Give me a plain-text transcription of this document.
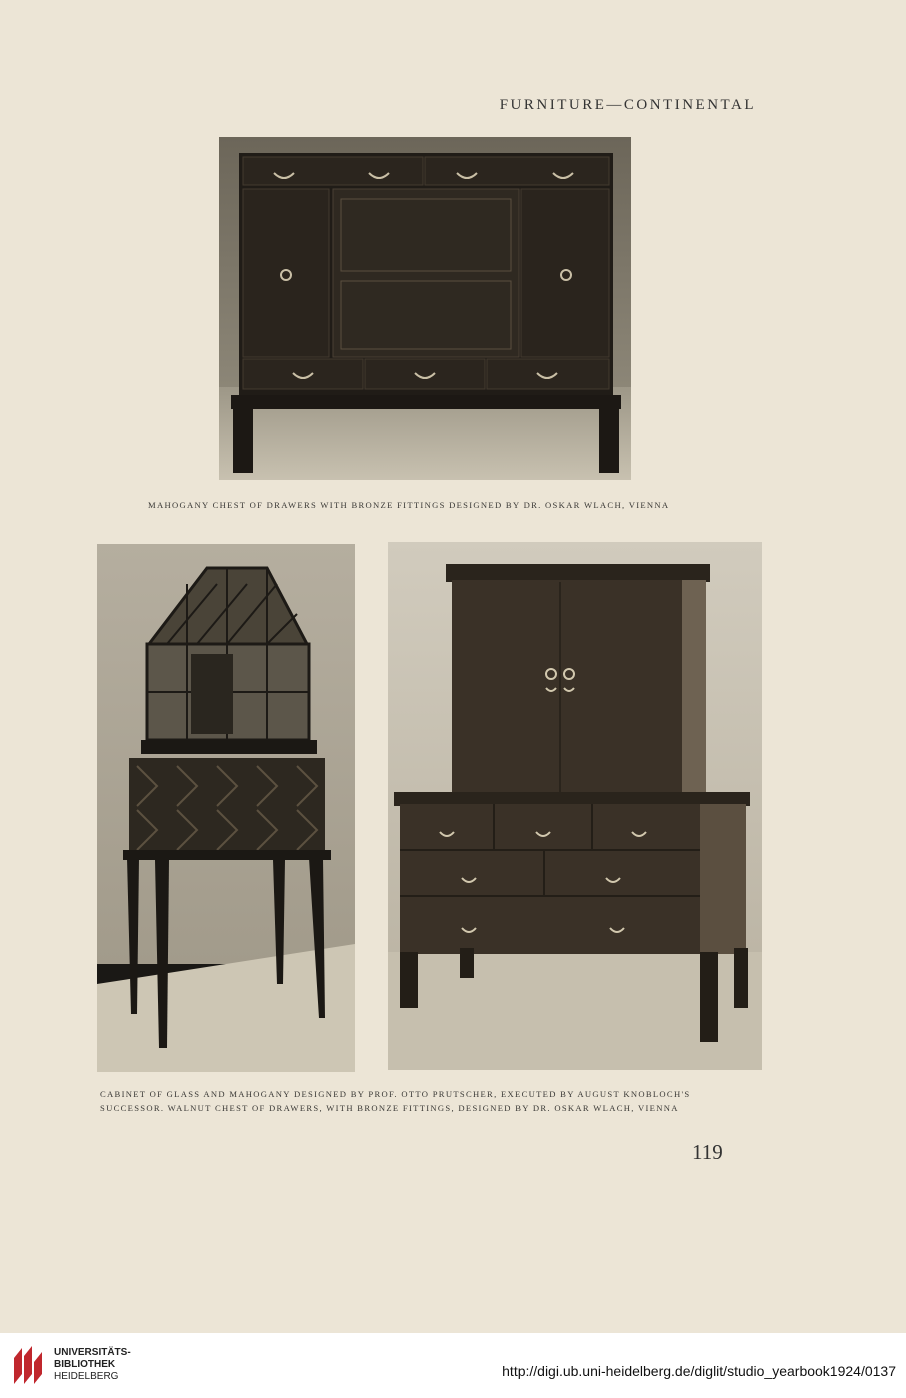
FURNITURE—CONTINENTAL
MAHOGANY CHEST OF DRAWERS WITH BRONZE FITTINGS DESIGNED BY DR. OSKAR WLACH, VIENNA
CABINET OF GLASS AND MAHOGANY DESIGNED BY PROF. OTTO PRUTSCHER, EXECUTED BY AUGUST KNOBLOCH'S
SUCCESSOR. WALNUT CHEST OF DRAWERS, WITH BRONZE FITTINGS, DESIGNED BY DR. OSKAR WLACH, VIENNA
119
UNIVERSITÄTS-
BIBLIOTHEK
HEIDELBERG	http://digi.ub.uni-heidelberg.de/diglit/studio_yearbook1924/0137
